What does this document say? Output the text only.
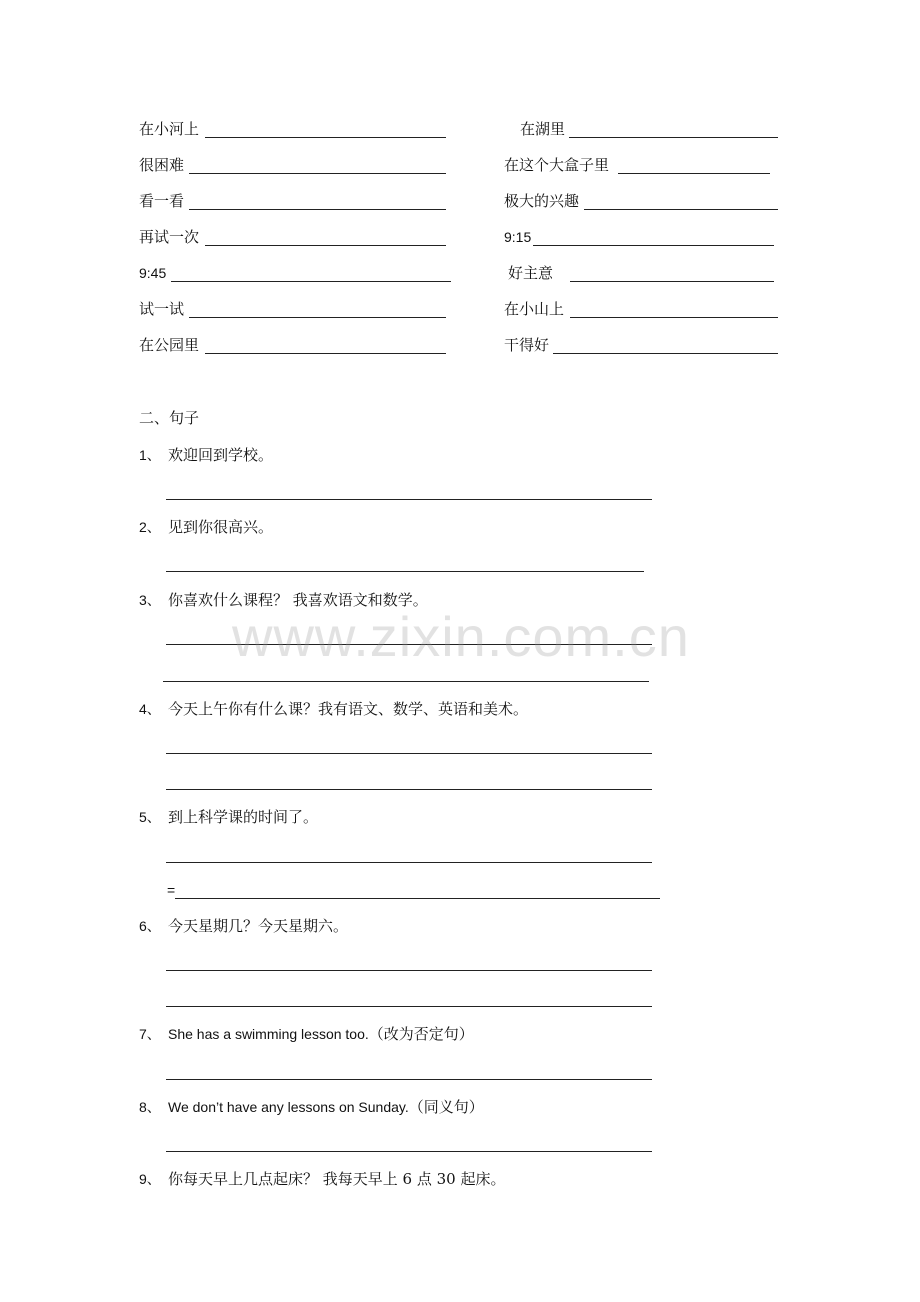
在小河上
很困难
看一看
再试一次
9:45
试一试
在公园里
在湖里
在这个大盒子里
极大的兴趣
9:15
好主意
在小山上
干得好
二、句子
1、 欢迎回到学校。
2、 见到你很高兴。
3、 你喜欢什么课程？ 我喜欢语文和数学。
4、 今天上午你有什么课？我有语文、数学、英语和美术。
5、 到上科学课的时间了。
=
6、 今天星期几？今天星期六。
7、 She has a swimming lesson too.（改为否定句）
8、 We don’t have any lessons on Sunday.（同义句）
9、 你每天早上几点起床？ 我每天早上 6 点 30 起床。
www.zixin.com.cn
